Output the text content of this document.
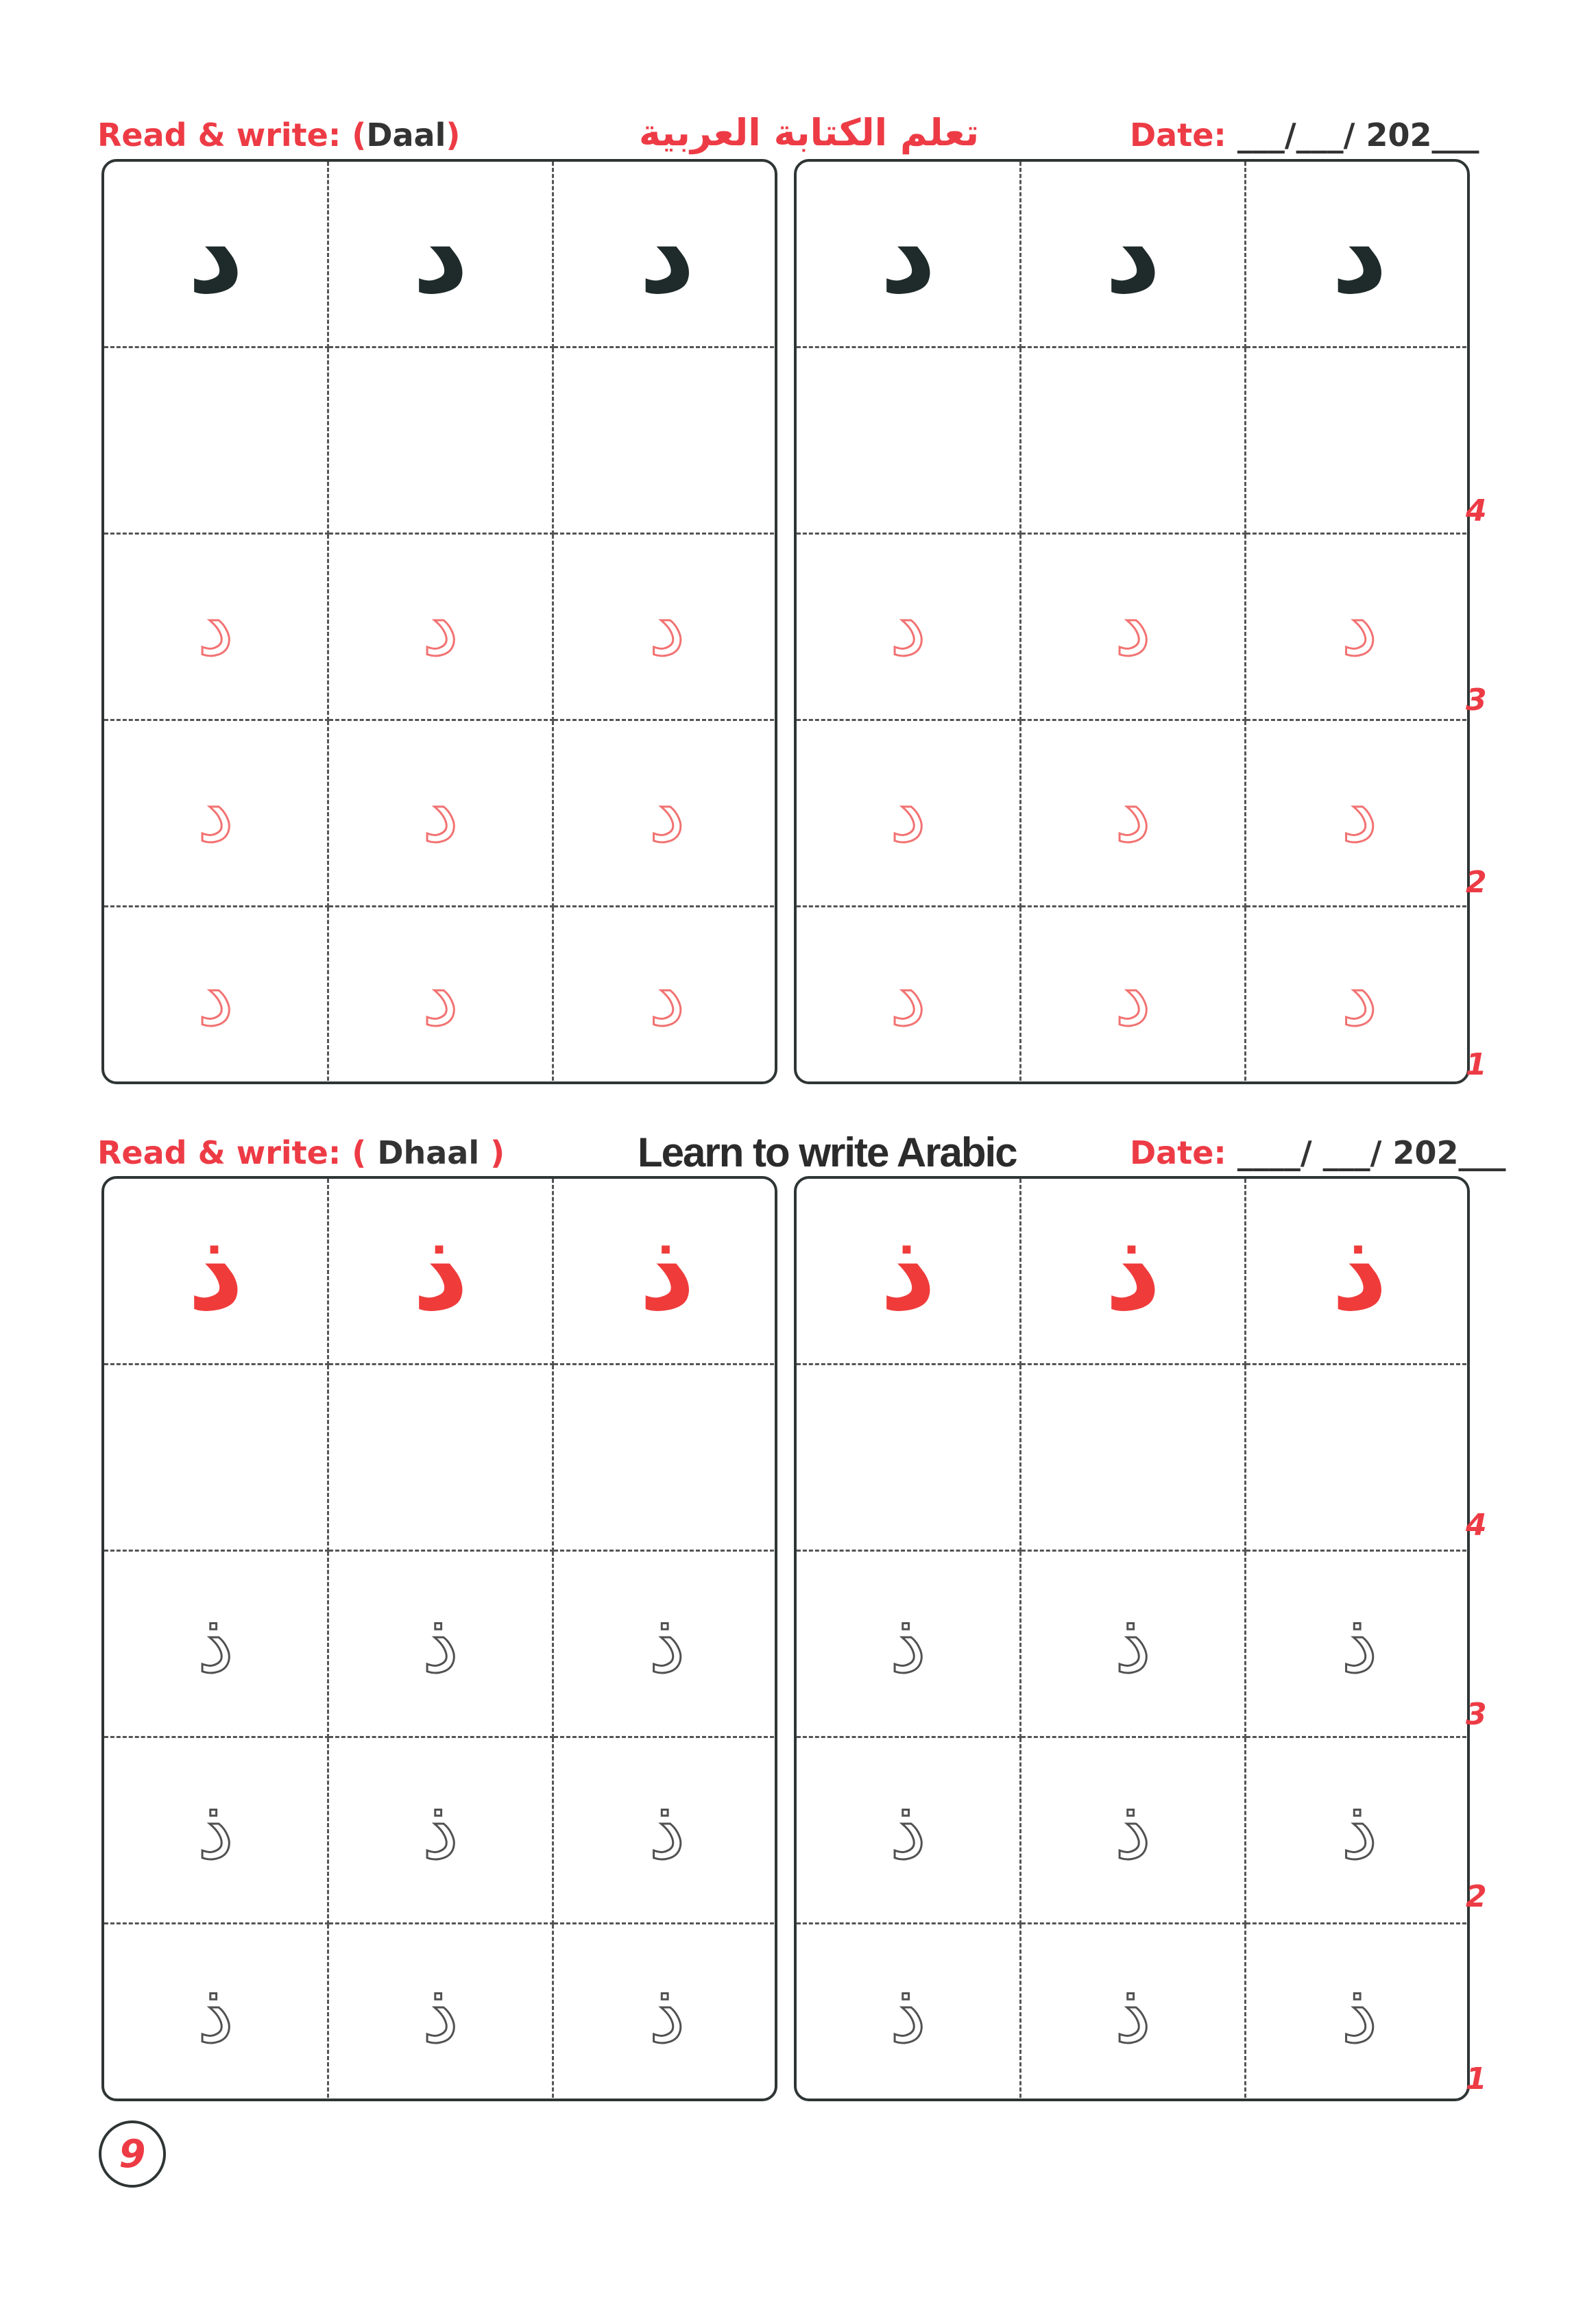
Read & write: (Daal)	تعلم الكتابة العربية	Date: ___/___/ 202___
د د د
د د د
د د د
د د د
د د د
د د د
د د د
د د د
Read & write: ( Dhaal )	Learn to write Arabic	Date: ____/ ___/ 202___
ذ ذ ذ
ذ ذ ذ
ذ ذ ذ
ذ ذ ذ
ذ ذ ذ
ذ ذ ذ
ذ ذ ذ
ذ ذ ذ
4
3
2
1
4
3
2
1
9
